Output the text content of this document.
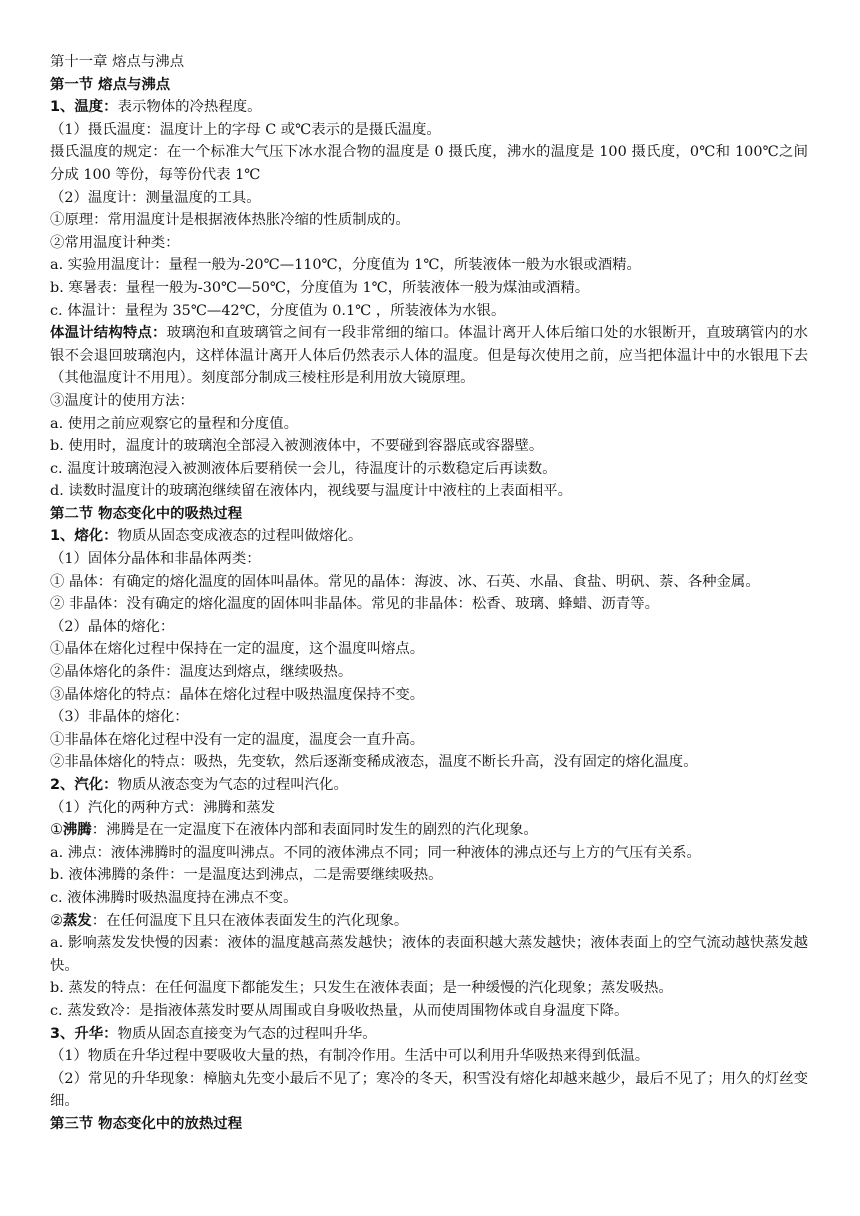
第十一章 熔点与沸点
第一节 熔点与沸点
1、温度：表示物体的冷热程度。
（1）摄氏温度：温度计上的字母 C 或℃表示的是摄氏温度。
摄氏温度的规定：在一个标准大气压下冰水混合物的温度是 0 摄氏度，沸水的温度是 100 摄氏度，0℃和 100℃之间分成 100 等份，每等份代表 1℃
（2）温度计：测量温度的工具。
①原理：常用温度计是根据液体热胀冷缩的性质制成的。
②常用温度计种类：
a. 实验用温度计：量程一般为-20℃—110℃，分度值为 1℃，所装液体一般为水银或酒精。
b. 寒暑表：量程一般为-30℃—50℃，分度值为 1℃，所装液体一般为煤油或酒精。
c. 体温计：量程为 35℃—42℃，分度值为 0.1℃ ，所装液体为水银。
体温计结构特点：玻璃泡和直玻璃管之间有一段非常细的缩口。体温计离开人体后缩口处的水银断开，直玻璃管内的水银不会退回玻璃泡内，这样体温计离开人体后仍然表示人体的温度。但是每次使用之前，应当把体温计中的水银甩下去（其他温度计不用甩）。刻度部分制成三棱柱形是利用放大镜原理。
③温度计的使用方法：
a. 使用之前应观察它的量程和分度值。
b. 使用时，温度计的玻璃泡全部浸入被测液体中，不要碰到容器底或容器壁。
c. 温度计玻璃泡浸入被测液体后要稍侯一会儿，待温度计的示数稳定后再读数。
d. 读数时温度计的玻璃泡继续留在液体内，视线要与温度计中液柱的上表面相平。
第二节 物态变化中的吸热过程
1、熔化：物质从固态变成液态的过程叫做熔化。
（1）固体分晶体和非晶体两类：
① 晶体：有确定的熔化温度的固体叫晶体。常见的晶体：海波、冰、石英、水晶、食盐、明矾、萘、各种金属。
② 非晶体：没有确定的熔化温度的固体叫非晶体。常见的非晶体：松香、玻璃、蜂蜡、沥青等。
（2）晶体的熔化：
①晶体在熔化过程中保持在一定的温度，这个温度叫熔点。
②晶体熔化的条件：温度达到熔点，继续吸热。
③晶体熔化的特点：晶体在熔化过程中吸热温度保持不变。
（3）非晶体的熔化：
①非晶体在熔化过程中没有一定的温度，温度会一直升高。
②非晶体熔化的特点：吸热，先变软，然后逐渐变稀成液态，温度不断长升高，没有固定的熔化温度。
2、汽化：物质从液态变为气态的过程叫汽化。
（1）汽化的两种方式：沸腾和蒸发
①沸腾：沸腾是在一定温度下在液体内部和表面同时发生的剧烈的汽化现象。
a. 沸点：液体沸腾时的温度叫沸点。不同的液体沸点不同；同一种液体的沸点还与上方的气压有关系。
b. 液体沸腾的条件：一是温度达到沸点，二是需要继续吸热。
c. 液体沸腾时吸热温度持在沸点不变。
②蒸发：在任何温度下且只在液体表面发生的汽化现象。
a. 影响蒸发发快慢的因素：液体的温度越高蒸发越快；液体的表面积越大蒸发越快；液体表面上的空气流动越快蒸发越快。
b. 蒸发的特点：在任何温度下都能发生；只发生在液体表面；是一种缓慢的汽化现象；蒸发吸热。
c. 蒸发致冷：是指液体蒸发时要从周围或自身吸收热量，从而使周围物体或自身温度下降。
3、升华：物质从固态直接变为气态的过程叫升华。
（1）物质在升华过程中要吸收大量的热，有制冷作用。生活中可以利用升华吸热来得到低温。
（2）常见的升华现象：樟脑丸先变小最后不见了；寒冷的冬天，积雪没有熔化却越来越少，最后不见了；用久的灯丝变细。
第三节 物态变化中的放热过程
